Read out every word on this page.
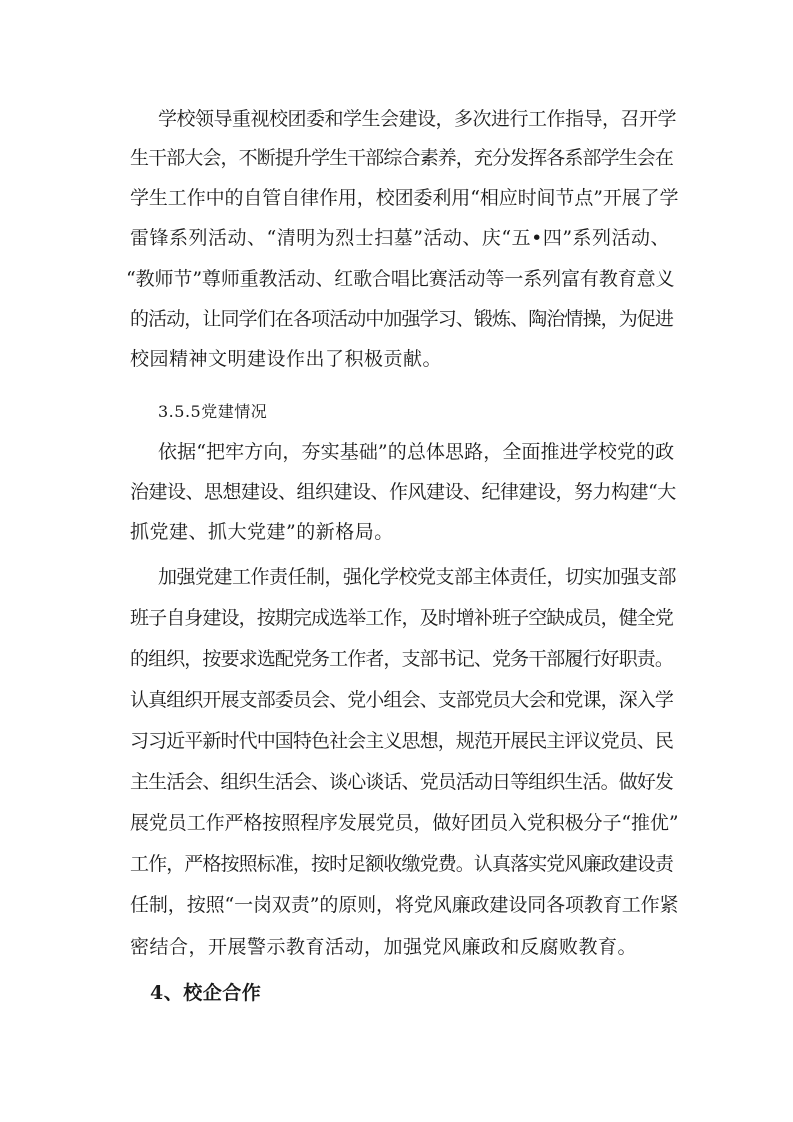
学校领导重视校团委和学生会建设，多次进行工作指导，召开学
生干部大会，不断提升学生干部综合素养，充分发挥各系部学生会在
学生工作中的自管自律作用，校团委利用“相应时间节点”开展了学
雷锋系列活动、“清明为烈士扫墓”活动、庆“五•四”系列活动、
“教师节”尊师重教活动、红歌合唱比赛活动等一系列富有教育意义
的活动，让同学们在各项活动中加强学习、锻炼、陶治情操，为促进
校园精神文明建设作出了积极贡献。
3.5.5党建情况
依据“把牢方向，夯实基础”的总体思路，全面推进学校党的政
治建设、思想建设、组织建设、作风建设、纪律建设，努力构建“大
抓党建、抓大党建”的新格局。
加强党建工作责任制，强化学校党支部主体责任，切实加强支部
班子自身建设，按期完成选举工作，及时增补班子空缺成员，健全党
的组织，按要求选配党务工作者，支部书记、党务干部履行好职责。
认真组织开展支部委员会、党小组会、支部党员大会和党课，深入学
习习近平新时代中国特色社会主义思想，规范开展民主评议党员、民
主生活会、组织生活会、谈心谈话、党员活动日等组织生活。做好发
展党员工作严格按照程序发展党员，做好团员入党积极分子“推优”
工作，严格按照标准，按时足额收缴党费。认真落实党风廉政建设责
任制，按照“一岗双责”的原则，将党风廉政建设同各项教育工作紧
密结合，开展警示教育活动，加强党风廉政和反腐败教育。
4、校企合作
